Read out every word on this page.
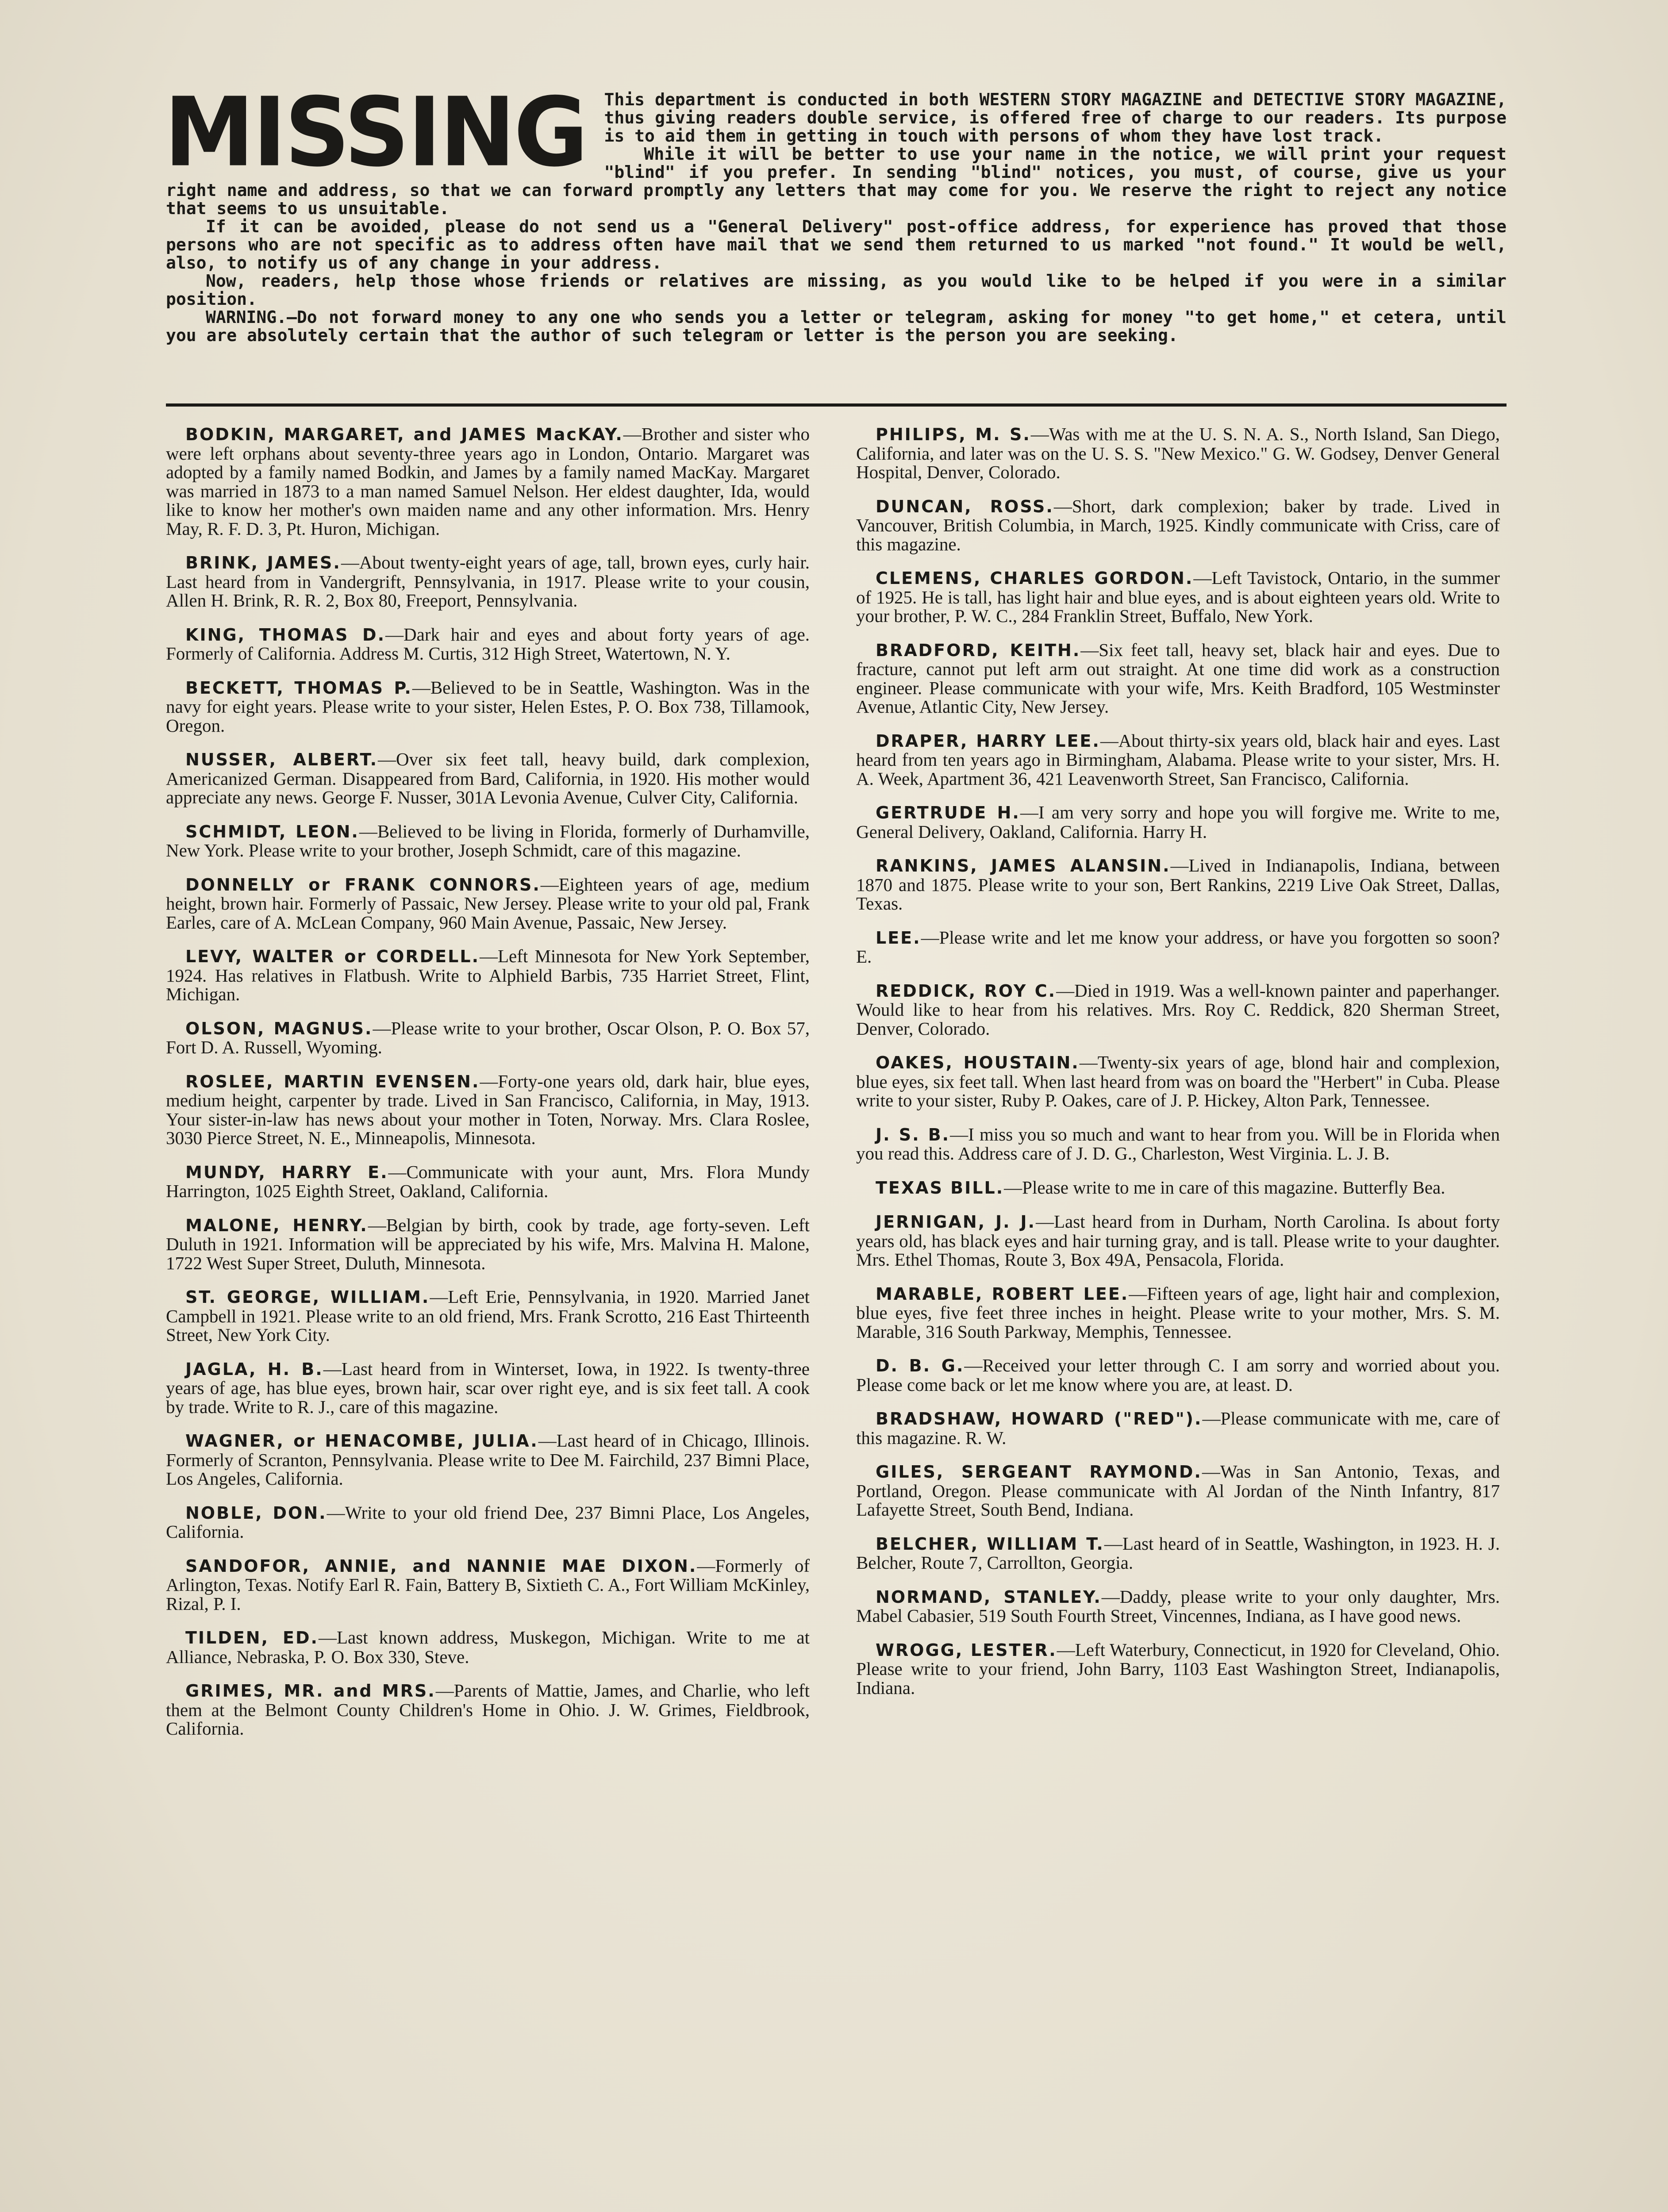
MISSING	This department is conducted in both WESTERN STORY MAGAZINE and DETECTIVE STORY MAGAZINE, thus giving readers double service, is offered free of charge to our readers. Its purpose is to aid them in getting in touch with persons of whom they have lost track.

While it will be better to use your name in the notice, we will print your request "blind" if you prefer. In sending "blind" notices, you must, of course, give us your right name and address, so that we can forward promptly any letters that may come for you. We reserve the right to reject any notice that seems to us unsuitable.

If it can be avoided, please do not send us a "General Delivery" post-office address, for experience has proved that those persons who are not specific as to address often have mail that we send them returned to us marked "not found." It would be well, also, to notify us of any change in your address.

Now, readers, help those whose friends or relatives are missing, as you would like to be helped if you were in a similar position.

WARNING.—Do not forward money to any one who sends you a letter or telegram, asking for money "to get home," et cetera, until you are absolutely certain that the author of such telegram or letter is the person you are seeking.

BODKIN, MARGARET, and JAMES MacKAY.—Brother and sister who were left orphans about seventy-three years ago in London, Ontario. Margaret was adopted by a family named Bodkin, and James by a family named MacKay. Margaret was married in 1873 to a man named Samuel Nelson. Her eldest daughter, Ida, would like to know her mother's own maiden name and any other information. Mrs. Henry May, R. F. D. 3, Pt. Huron, Michigan.

BRINK, JAMES.—About twenty-eight years of age, tall, brown eyes, curly hair. Last heard from in Vandergrift, Pennsylvania, in 1917. Please write to your cousin, Allen H. Brink, R. R. 2, Box 80, Freeport, Pennsylvania.

KING, THOMAS D.—Dark hair and eyes and about forty years of age. Formerly of California. Address M. Curtis, 312 High Street, Watertown, N. Y.

BECKETT, THOMAS P.—Believed to be in Seattle, Washington. Was in the navy for eight years. Please write to your sister, Helen Estes, P. O. Box 738, Tillamook, Oregon.

NUSSER, ALBERT.—Over six feet tall, heavy build, dark complexion, Americanized German. Disappeared from Bard, California, in 1920. His mother would appreciate any news. George F. Nusser, 301A Levonia Avenue, Culver City, California.

SCHMIDT, LEON.—Believed to be living in Florida, formerly of Durhamville, New York. Please write to your brother, Joseph Schmidt, care of this magazine.

DONNELLY or FRANK CONNORS.—Eighteen years of age, medium height, brown hair. Formerly of Passaic, New Jersey. Please write to your old pal, Frank Earles, care of A. McLean Company, 960 Main Avenue, Passaic, New Jersey.

LEVY, WALTER or CORDELL.—Left Minnesota for New York September, 1924. Has relatives in Flatbush. Write to Alphield Barbis, 735 Harriet Street, Flint, Michigan.

OLSON, MAGNUS.—Please write to your brother, Oscar Olson, P. O. Box 57, Fort D. A. Russell, Wyoming.

ROSLEE, MARTIN EVENSEN.—Forty-one years old, dark hair, blue eyes, medium height, carpenter by trade. Lived in San Francisco, California, in May, 1913. Your sister-in-law has news about your mother in Toten, Norway. Mrs. Clara Roslee, 3030 Pierce Street, N. E., Minneapolis, Minnesota.

MUNDY, HARRY E.—Communicate with your aunt, Mrs. Flora Mundy Harrington, 1025 Eighth Street, Oakland, California.

MALONE, HENRY.—Belgian by birth, cook by trade, age forty-seven. Left Duluth in 1921. Information will be appreciated by his wife, Mrs. Malvina H. Malone, 1722 West Super Street, Duluth, Minnesota.

ST. GEORGE, WILLIAM.—Left Erie, Pennsylvania, in 1920. Married Janet Campbell in 1921. Please write to an old friend, Mrs. Frank Scrotto, 216 East Thirteenth Street, New York City.

JAGLA, H. B.—Last heard from in Winterset, Iowa, in 1922. Is twenty-three years of age, has blue eyes, brown hair, scar over right eye, and is six feet tall. A cook by trade. Write to R. J., care of this magazine.

WAGNER, or HENACOMBE, JULIA.—Last heard of in Chicago, Illinois. Formerly of Scranton, Pennsylvania. Please write to Dee M. Fairchild, 237 Bimni Place, Los Angeles, California.

NOBLE, DON.—Write to your old friend Dee, 237 Bimni Place, Los Angeles, California.

SANDOFOR, ANNIE, and NANNIE MAE DIXON.—Formerly of Arlington, Texas. Notify Earl R. Fain, Battery B, Sixtieth C. A., Fort William McKinley, Rizal, P. I.

TILDEN, ED.—Last known address, Muskegon, Michigan. Write to me at Alliance, Nebraska, P. O. Box 330, Steve.

GRIMES, MR. and MRS.—Parents of Mattie, James, and Charlie, who left them at the Belmont County Children's Home in Ohio. J. W. Grimes, Fieldbrook, California.

PHILIPS, M. S.—Was with me at the U. S. N. A. S., North Island, San Diego, California, and later was on the U. S. S. "New Mexico." G. W. Godsey, Denver General Hospital, Denver, Colorado.

DUNCAN, ROSS.—Short, dark complexion; baker by trade. Lived in Vancouver, British Columbia, in March, 1925. Kindly communicate with Criss, care of this magazine.

CLEMENS, CHARLES GORDON.—Left Tavistock, Ontario, in the summer of 1925. He is tall, has light hair and blue eyes, and is about eighteen years old. Write to your brother, P. W. C., 284 Franklin Street, Buffalo, New York.

BRADFORD, KEITH.—Six feet tall, heavy set, black hair and eyes. Due to fracture, cannot put left arm out straight. At one time did work as a construction engineer. Please communicate with your wife, Mrs. Keith Bradford, 105 Westminster Avenue, Atlantic City, New Jersey.

DRAPER, HARRY LEE.—About thirty-six years old, black hair and eyes. Last heard from ten years ago in Birmingham, Alabama. Please write to your sister, Mrs. H. A. Week, Apartment 36, 421 Leavenworth Street, San Francisco, California.

GERTRUDE H.—I am very sorry and hope you will forgive me. Write to me, General Delivery, Oakland, California. Harry H.

RANKINS, JAMES ALANSIN.—Lived in Indianapolis, Indiana, between 1870 and 1875. Please write to your son, Bert Rankins, 2219 Live Oak Street, Dallas, Texas.

LEE.—Please write and let me know your address, or have you forgotten so soon? E.

REDDICK, ROY C.—Died in 1919. Was a well-known painter and paperhanger. Would like to hear from his relatives. Mrs. Roy C. Reddick, 820 Sherman Street, Denver, Colorado.

OAKES, HOUSTAIN.—Twenty-six years of age, blond hair and complexion, blue eyes, six feet tall. When last heard from was on board the "Herbert" in Cuba. Please write to your sister, Ruby P. Oakes, care of J. P. Hickey, Alton Park, Tennessee.

J. S. B.—I miss you so much and want to hear from you. Will be in Florida when you read this. Address care of J. D. G., Charleston, West Virginia. L. J. B.

TEXAS BILL.—Please write to me in care of this magazine. Butterfly Bea.

JERNIGAN, J. J.—Last heard from in Durham, North Carolina. Is about forty years old, has black eyes and hair turning gray, and is tall. Please write to your daughter. Mrs. Ethel Thomas, Route 3, Box 49A, Pensacola, Florida.

MARABLE, ROBERT LEE.—Fifteen years of age, light hair and complexion, blue eyes, five feet three inches in height. Please write to your mother, Mrs. S. M. Marable, 316 South Parkway, Memphis, Tennessee.

D. B. G.—Received your letter through C. I am sorry and worried about you. Please come back or let me know where you are, at least. D.

BRADSHAW, HOWARD ("RED").—Please communicate with me, care of this magazine. R. W.

GILES, SERGEANT RAYMOND.—Was in San Antonio, Texas, and Portland, Oregon. Please communicate with Al Jordan of the Ninth Infantry, 817 Lafayette Street, South Bend, Indiana.

BELCHER, WILLIAM T.—Last heard of in Seattle, Washington, in 1923. H. J. Belcher, Route 7, Carrollton, Georgia.

NORMAND, STANLEY.—Daddy, please write to your only daughter, Mrs. Mabel Cabasier, 519 South Fourth Street, Vincennes, Indiana, as I have good news.

WROGG, LESTER.—Left Waterbury, Connecticut, in 1920 for Cleveland, Ohio. Please write to your friend, John Barry, 1103 East Washington Street, Indianapolis, Indiana.
